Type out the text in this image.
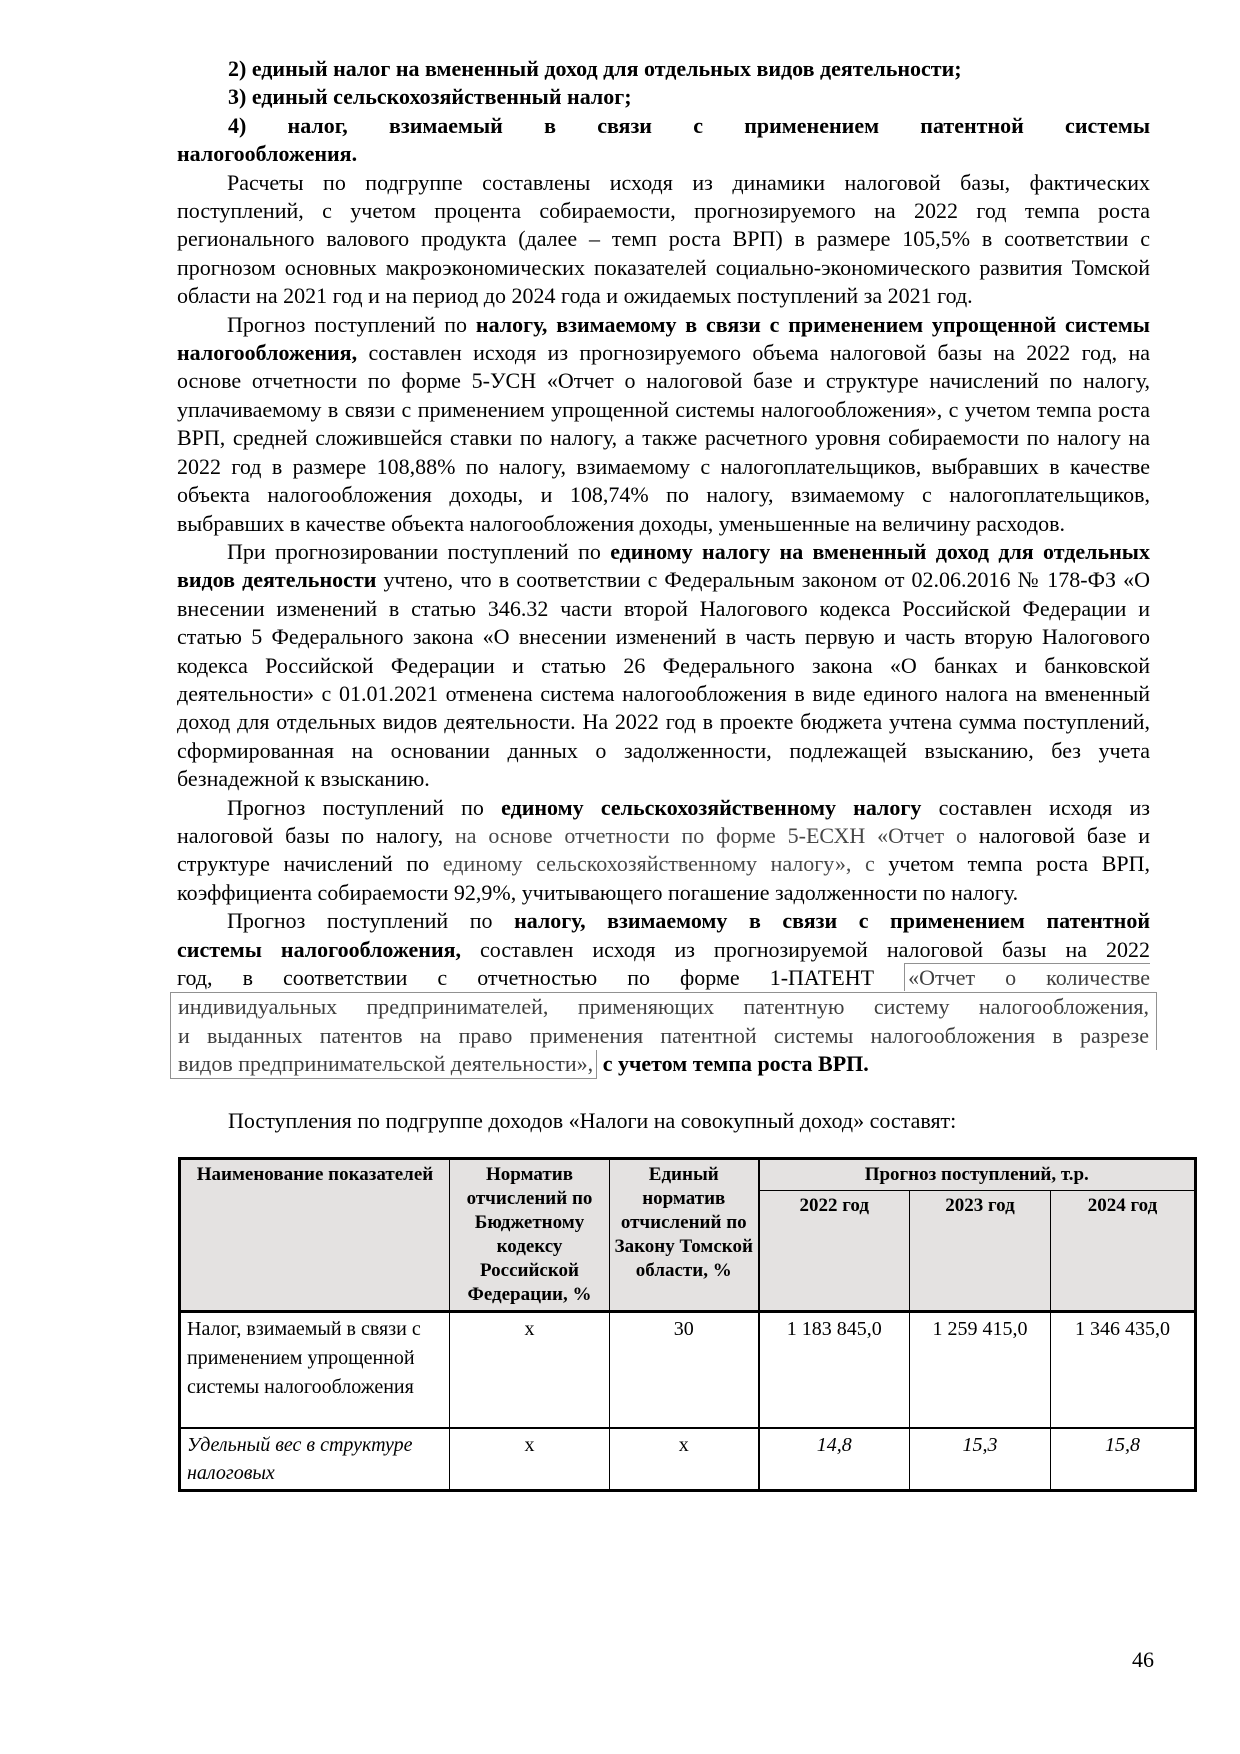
2) единый налог на вмененный доход для отдельных видов деятельности;

3) единый сельскохозяйственный налог;

4) налог, взимаемый в связи с применением патентной системы
налогообложения.

Расчеты по подгруппе составлены исходя из динамики налоговой базы, фактических поступлений, с учетом процента собираемости, прогнозируемого на 2022 год темпа роста регионального валового продукта (далее – темп роста ВРП) в размере 105,5% в соответствии с прогнозом основных макроэкономических показателей социально-экономического развития Томской области на 2021 год и на период до 2024 года и ожидаемых поступлений за 2021 год.

Прогноз поступлений по налогу, взимаемому в связи с применением упрощенной системы налогообложения, составлен исходя из прогнозируемого объема налоговой базы на 2022 год, на основе отчетности по форме 5-УСН «Отчет о налоговой базе и структуре начислений по налогу, уплачиваемому в связи с применением упрощенной системы налогообложения», с учетом темпа роста ВРП, средней сложившейся ставки по налогу, а также расчетного уровня собираемости по налогу на 2022 год в размере 108,88% по налогу, взимаемому с налогоплательщиков, выбравших в качестве объекта налогообложения доходы, и 108,74% по налогу, взимаемому с налогоплательщиков, выбравших в качестве объекта налогообложения доходы, уменьшенные на величину расходов.

При прогнозировании поступлений по единому налогу на вмененный доход для отдельных видов деятельности учтено, что в соответствии с Федеральным законом от 02.06.2016 № 178-ФЗ «О внесении изменений в статью 346.32 части второй Налогового кодекса Российской Федерации и статью 5 Федерального закона «О внесении изменений в часть первую и часть вторую Налогового кодекса Российской Федерации и статью 26 Федерального закона «О банках и банковской деятельности» с 01.01.2021 отменена система налогообложения в виде единого налога на вмененный доход для отдельных видов деятельности. На 2022 год в проекте бюджета учтена сумма поступлений, сформированная на основании данных о задолженности, подлежащей взысканию, без учета безнадежной к взысканию.

Прогноз поступлений по единому сельскохозяйственному налогу составлен исходя из налоговой базы по налогу, на основе отчетности по форме 5-ЕСХН «Отчет о налоговой базе и структуре начислений по единому сельскохозяйственному налогу», с учетом темпа роста ВРП, коэффициента собираемости 92,9%, учитывающего погашение задолженности по налогу.

Прогноз поступлений по налогу, взимаемому в связи с применением патентной
системы налогообложения, составлен исходя из прогнозируемой налоговой базы на 2022
год, в соответствии с отчетностью по форме 1-ПАТЕНТ «Отчет о количестве
индивидуальных предпринимателей, применяющих патентную систему налогообложения,
и выданных патентов на право применения патентной системы налогообложения в разрезе
видов предпринимательской деятельности», с учетом темпа роста ВРП.

Поступления по подгруппе доходов «Налоги на совокупный доход» составят:

Наименование показателей	Норматив отчислений по Бюджетному кодексу Российской Федерации, %	Единый норматив отчислений по Закону Томской области, %	Прогноз поступлений, т.р.		
			2022 год	2023 год	2024 год
Налог, взимаемый в связи с применением упрощенной системы налогообложения	х	30	1 183 845,0	1 259 415,0	1 346 435,0
Удельный вес в структуре налоговых	х	х	14,8	15,3	15,8
46
